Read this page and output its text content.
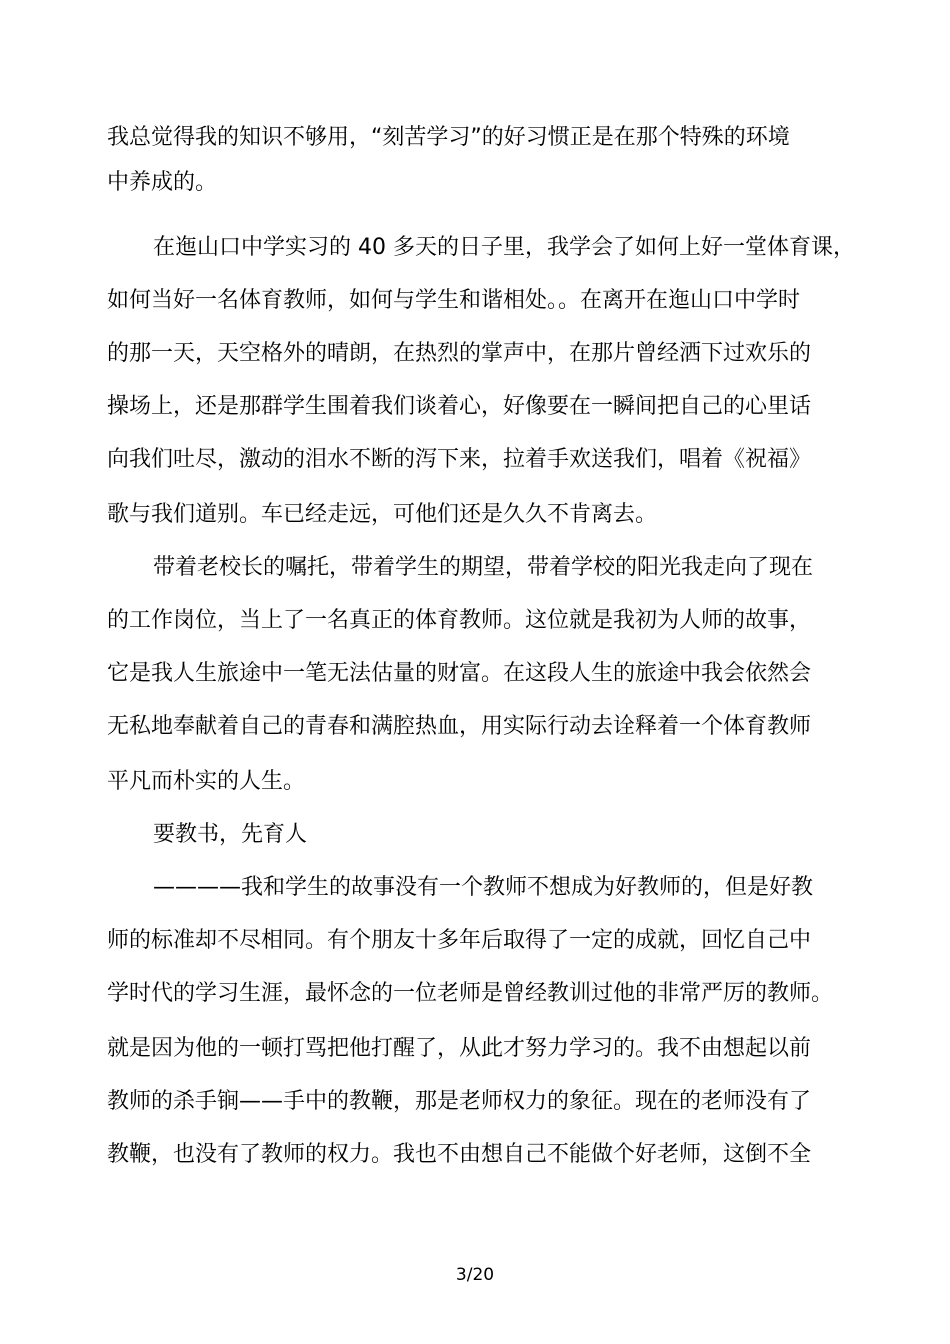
我总觉得我的知识不够用，“刻苦学习”的好习惯正是在那个特殊的环境
中养成的。
在迤山口中学实习的 40 多天的日子里，我学会了如何上好一堂体育课，
如何当好一名体育教师，如何与学生和谐相处。。在离开在迤山口中学时
的那一天，天空格外的晴朗，在热烈的掌声中，在那片曾经洒下过欢乐的
操场上，还是那群学生围着我们谈着心，好像要在一瞬间把自己的心里话
向我们吐尽，激动的泪水不断的泻下来，拉着手欢送我们，唱着《祝福》
歌与我们道别。车已经走远，可他们还是久久不肯离去。
带着老校长的嘱托，带着学生的期望，带着学校的阳光我走向了现在
的工作岗位，当上了一名真正的体育教师。这位就是我初为人师的故事，
它是我人生旅途中一笔无法估量的财富。在这段人生的旅途中我会依然会
无私地奉献着自己的青春和满腔热血，用实际行动去诠释着一个体育教师
平凡而朴实的人生。
要教书，先育人
————我和学生的故事没有一个教师不想成为好教师的，但是好教
师的标准却不尽相同。有个朋友十多年后取得了一定的成就，回忆自己中
学时代的学习生涯，最怀念的一位老师是曾经教训过他的非常严厉的教师。
就是因为他的一顿打骂把他打醒了，从此才努力学习的。我不由想起以前
教师的杀手锏——手中的教鞭，那是老师权力的象征。现在的老师没有了
教鞭，也没有了教师的权力。我也不由想自己不能做个好老师，这倒不全
3/20
